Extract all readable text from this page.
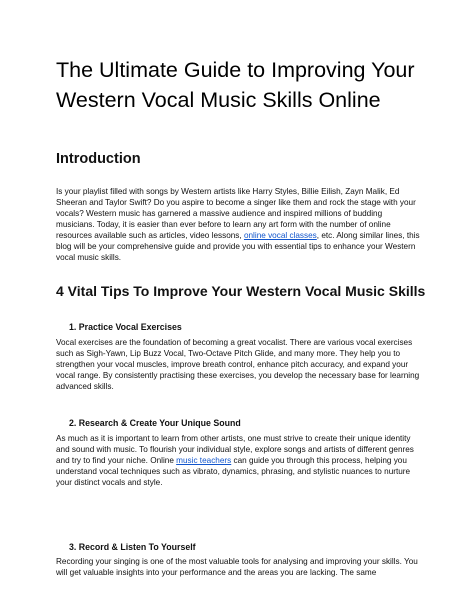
The Ultimate Guide to Improving Your Western Vocal Music Skills Online
Introduction

Is your playlist filled with songs by Western artists like Harry Styles, Billie Eilish, Zayn Malik, Ed Sheeran and Taylor Swift? Do you aspire to become a singer like them and rock the stage with your vocals? Western music has garnered a massive audience and inspired millions of budding musicians. Today, it is easier than ever before to learn any art form with the number of online resources available such as articles, video lessons, online vocal classes, etc. Along similar lines, this blog will be your comprehensive guide and provide you with essential tips to enhance your Western vocal music skills.

4 Vital Tips To Improve Your Western Vocal Music Skills
1. Practice Vocal Exercises

Vocal exercises are the foundation of becoming a great vocalist. There are various vocal exercises such as Sigh-Yawn, Lip Buzz Vocal, Two-Octave Pitch Glide, and many more. They help you to strengthen your vocal muscles, improve breath control, enhance pitch accuracy, and expand your vocal range. By consistently practising these exercises, you develop the necessary base for learning advanced skills.

2. Research & Create Your Unique Sound

As much as it is important to learn from other artists, one must strive to create their unique identity and sound with music. To flourish your individual style, explore songs and artists of different genres and try to find your niche. Online music teachers can guide you through this process, helping you understand vocal techniques such as vibrato, dynamics, phrasing, and stylistic nuances to nurture your distinct vocals and style.

3. Record & Listen To Yourself

Recording your singing is one of the most valuable tools for analysing and improving your skills. You will get valuable insights into your performance and the areas you are lacking. The same
